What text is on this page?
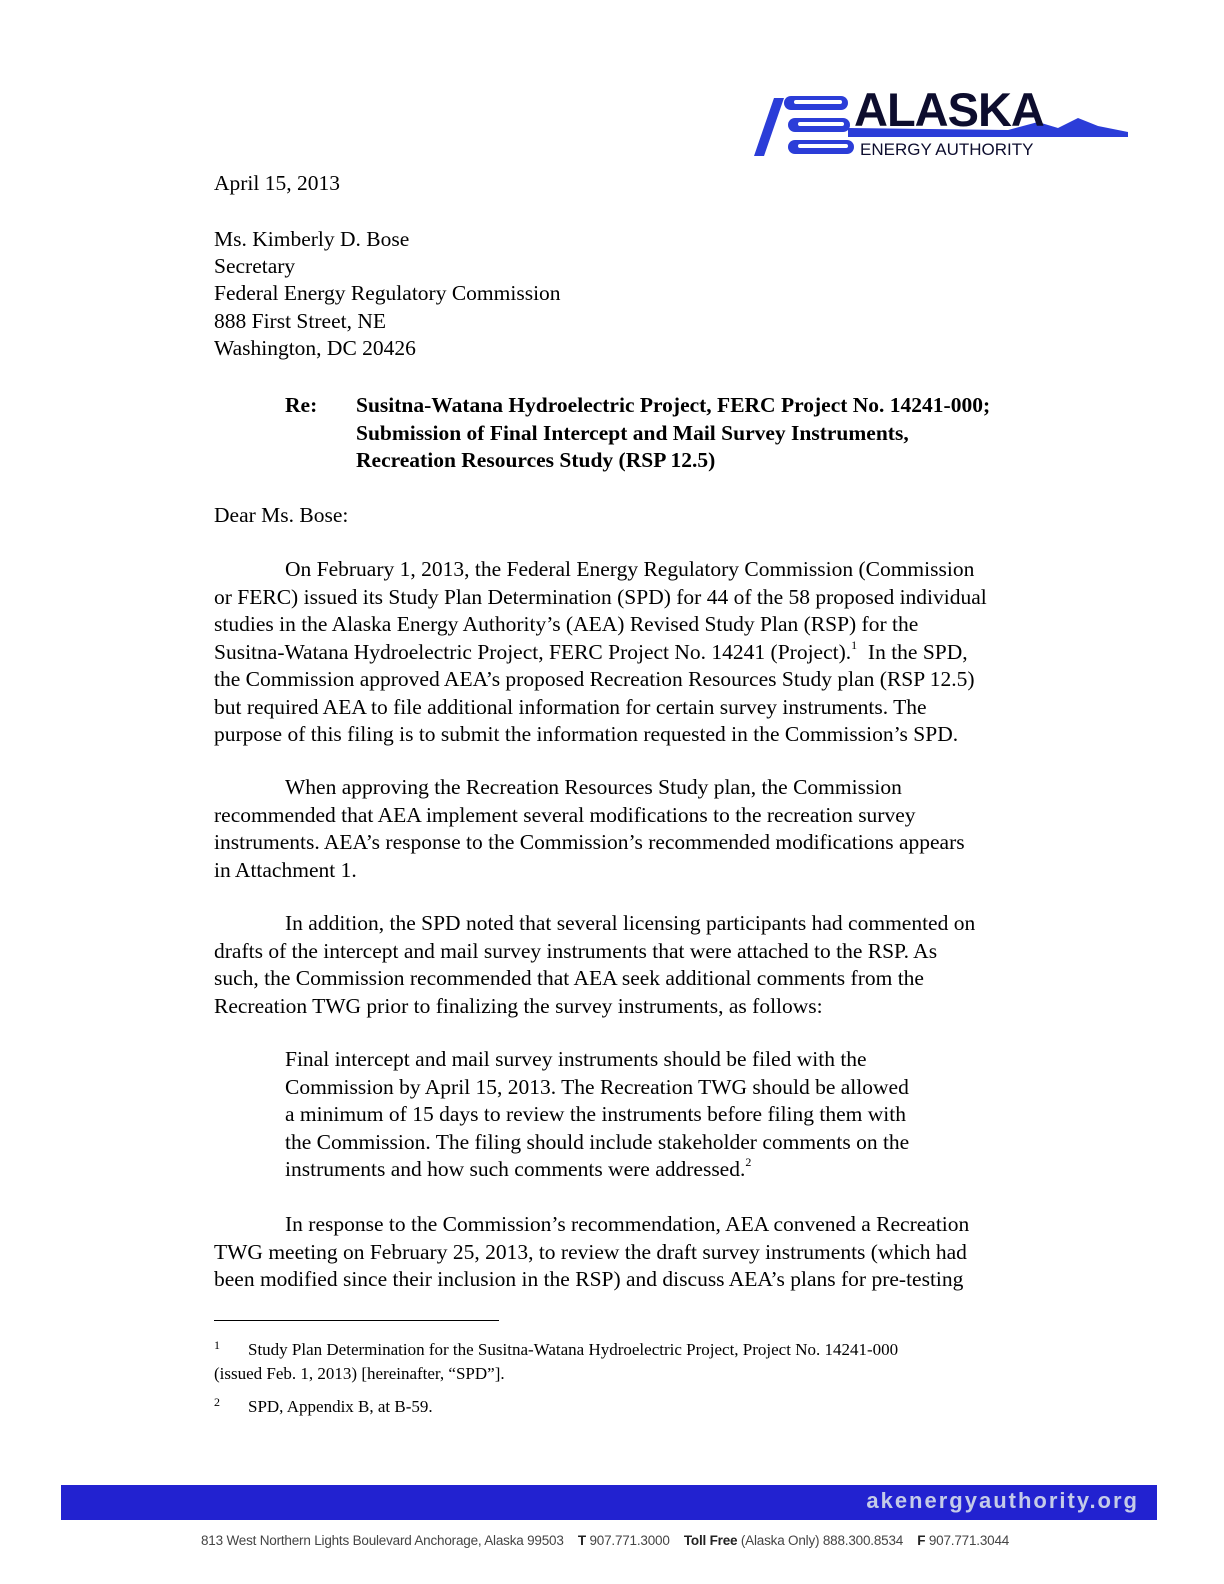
ALASKA
ENERGY AUTHORITY

April 15, 2013

Ms. Kimberly D. Bose

Secretary

Federal Energy Regulatory Commission

888 First Street, NE

Washington, DC 20426

Re: Susitna-Watana Hydroelectric Project, FERC Project No. 14241-000;
Submission of Final Intercept and Mail Survey Instruments,
Recreation Resources Study (RSP 12.5)

Dear Ms. Bose:

On February 1, 2013, the Federal Energy Regulatory Commission (Commission
or FERC) issued its Study Plan Determination (SPD) for 44 of the 58 proposed individual
studies in the Alaska Energy Authority’s (AEA) Revised Study Plan (RSP) for the
Susitna-Watana Hydroelectric Project, FERC Project No. 14241 (Project).$^1$  In the SPD,
the Commission approved AEA’s proposed Recreation Resources Study plan (RSP 12.5)
but required AEA to file additional information for certain survey instruments. The
purpose of this filing is to submit the information requested in the Commission’s SPD.
When approving the Recreation Resources Study plan, the Commission
recommended that AEA implement several modifications to the recreation survey
instruments. AEA’s response to the Commission’s recommended modifications appears
in Attachment 1.
In addition, the SPD noted that several licensing participants had commented on
drafts of the intercept and mail survey instruments that were attached to the RSP. As
such, the Commission recommended that AEA seek additional comments from the
Recreation TWG prior to finalizing the survey instruments, as follows:
Final intercept and mail survey instruments should be filed with the
Commission by April 15, 2013. The Recreation TWG should be allowed
a minimum of 15 days to review the instruments before filing them with
the Commission. The filing should include stakeholder comments on the
instruments and how such comments were addressed.$^2$
In response to the Commission’s recommendation, AEA convened a Recreation
TWG meeting on February 25, 2013, to review the draft survey instruments (which had
been modified since their inclusion in the RSP) and discuss AEA’s plans for pre-testing
1 Study Plan Determination for the Susitna-Watana Hydroelectric Project, Project No. 14241-000
(issued Feb. 1, 2013) [hereinafter, “SPD”].
2 SPD, Appendix B, at B-59.
akenergyauthority.org
813 West Northern Lights Boulevard Anchorage, Alaska 99503 T 907.771.3000 Toll Free (Alaska Only) 888.300.8534 F 907.771.3044
